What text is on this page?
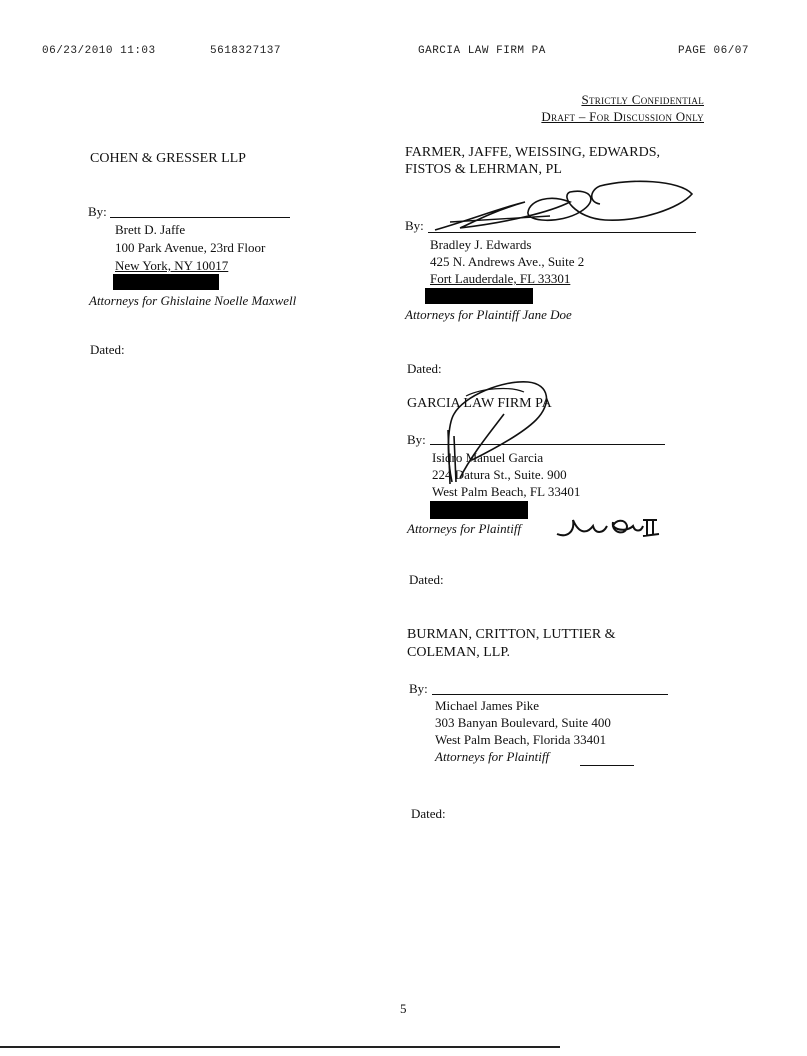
06/23/2010 11:03	5618327137	GARCIA LAW FIRM PA	PAGE 06/07
Strictly Confidential
Draft – For Discussion Only
COHEN & GRESSER LLP
By:
Brett D. Jaffe
100 Park Avenue, 23rd Floor
New York, NY 10017
Attorneys for Ghislaine Noelle Maxwell
Dated:
FARMER, JAFFE, WEISSING, EDWARDS,
FISTOS & LEHRMAN, PL
By:
Bradley J. Edwards
425 N. Andrews Ave., Suite 2
Fort Lauderdale, FL 33301
Attorneys for Plaintiff Jane Doe
Dated:
GARCIA LAW FIRM PA
By:
Isidro Manuel Garcia
224 Datura St., Suite. 900
West Palm Beach, FL 33401
Attorneys for Plaintiff
Dated:
BURMAN, CRITTON, LUTTIER &
COLEMAN, LLP.
By:
Michael James Pike
303 Banyan Boulevard, Suite 400
West Palm Beach, Florida 33401
Attorneys for Plaintiff
Dated:
5
